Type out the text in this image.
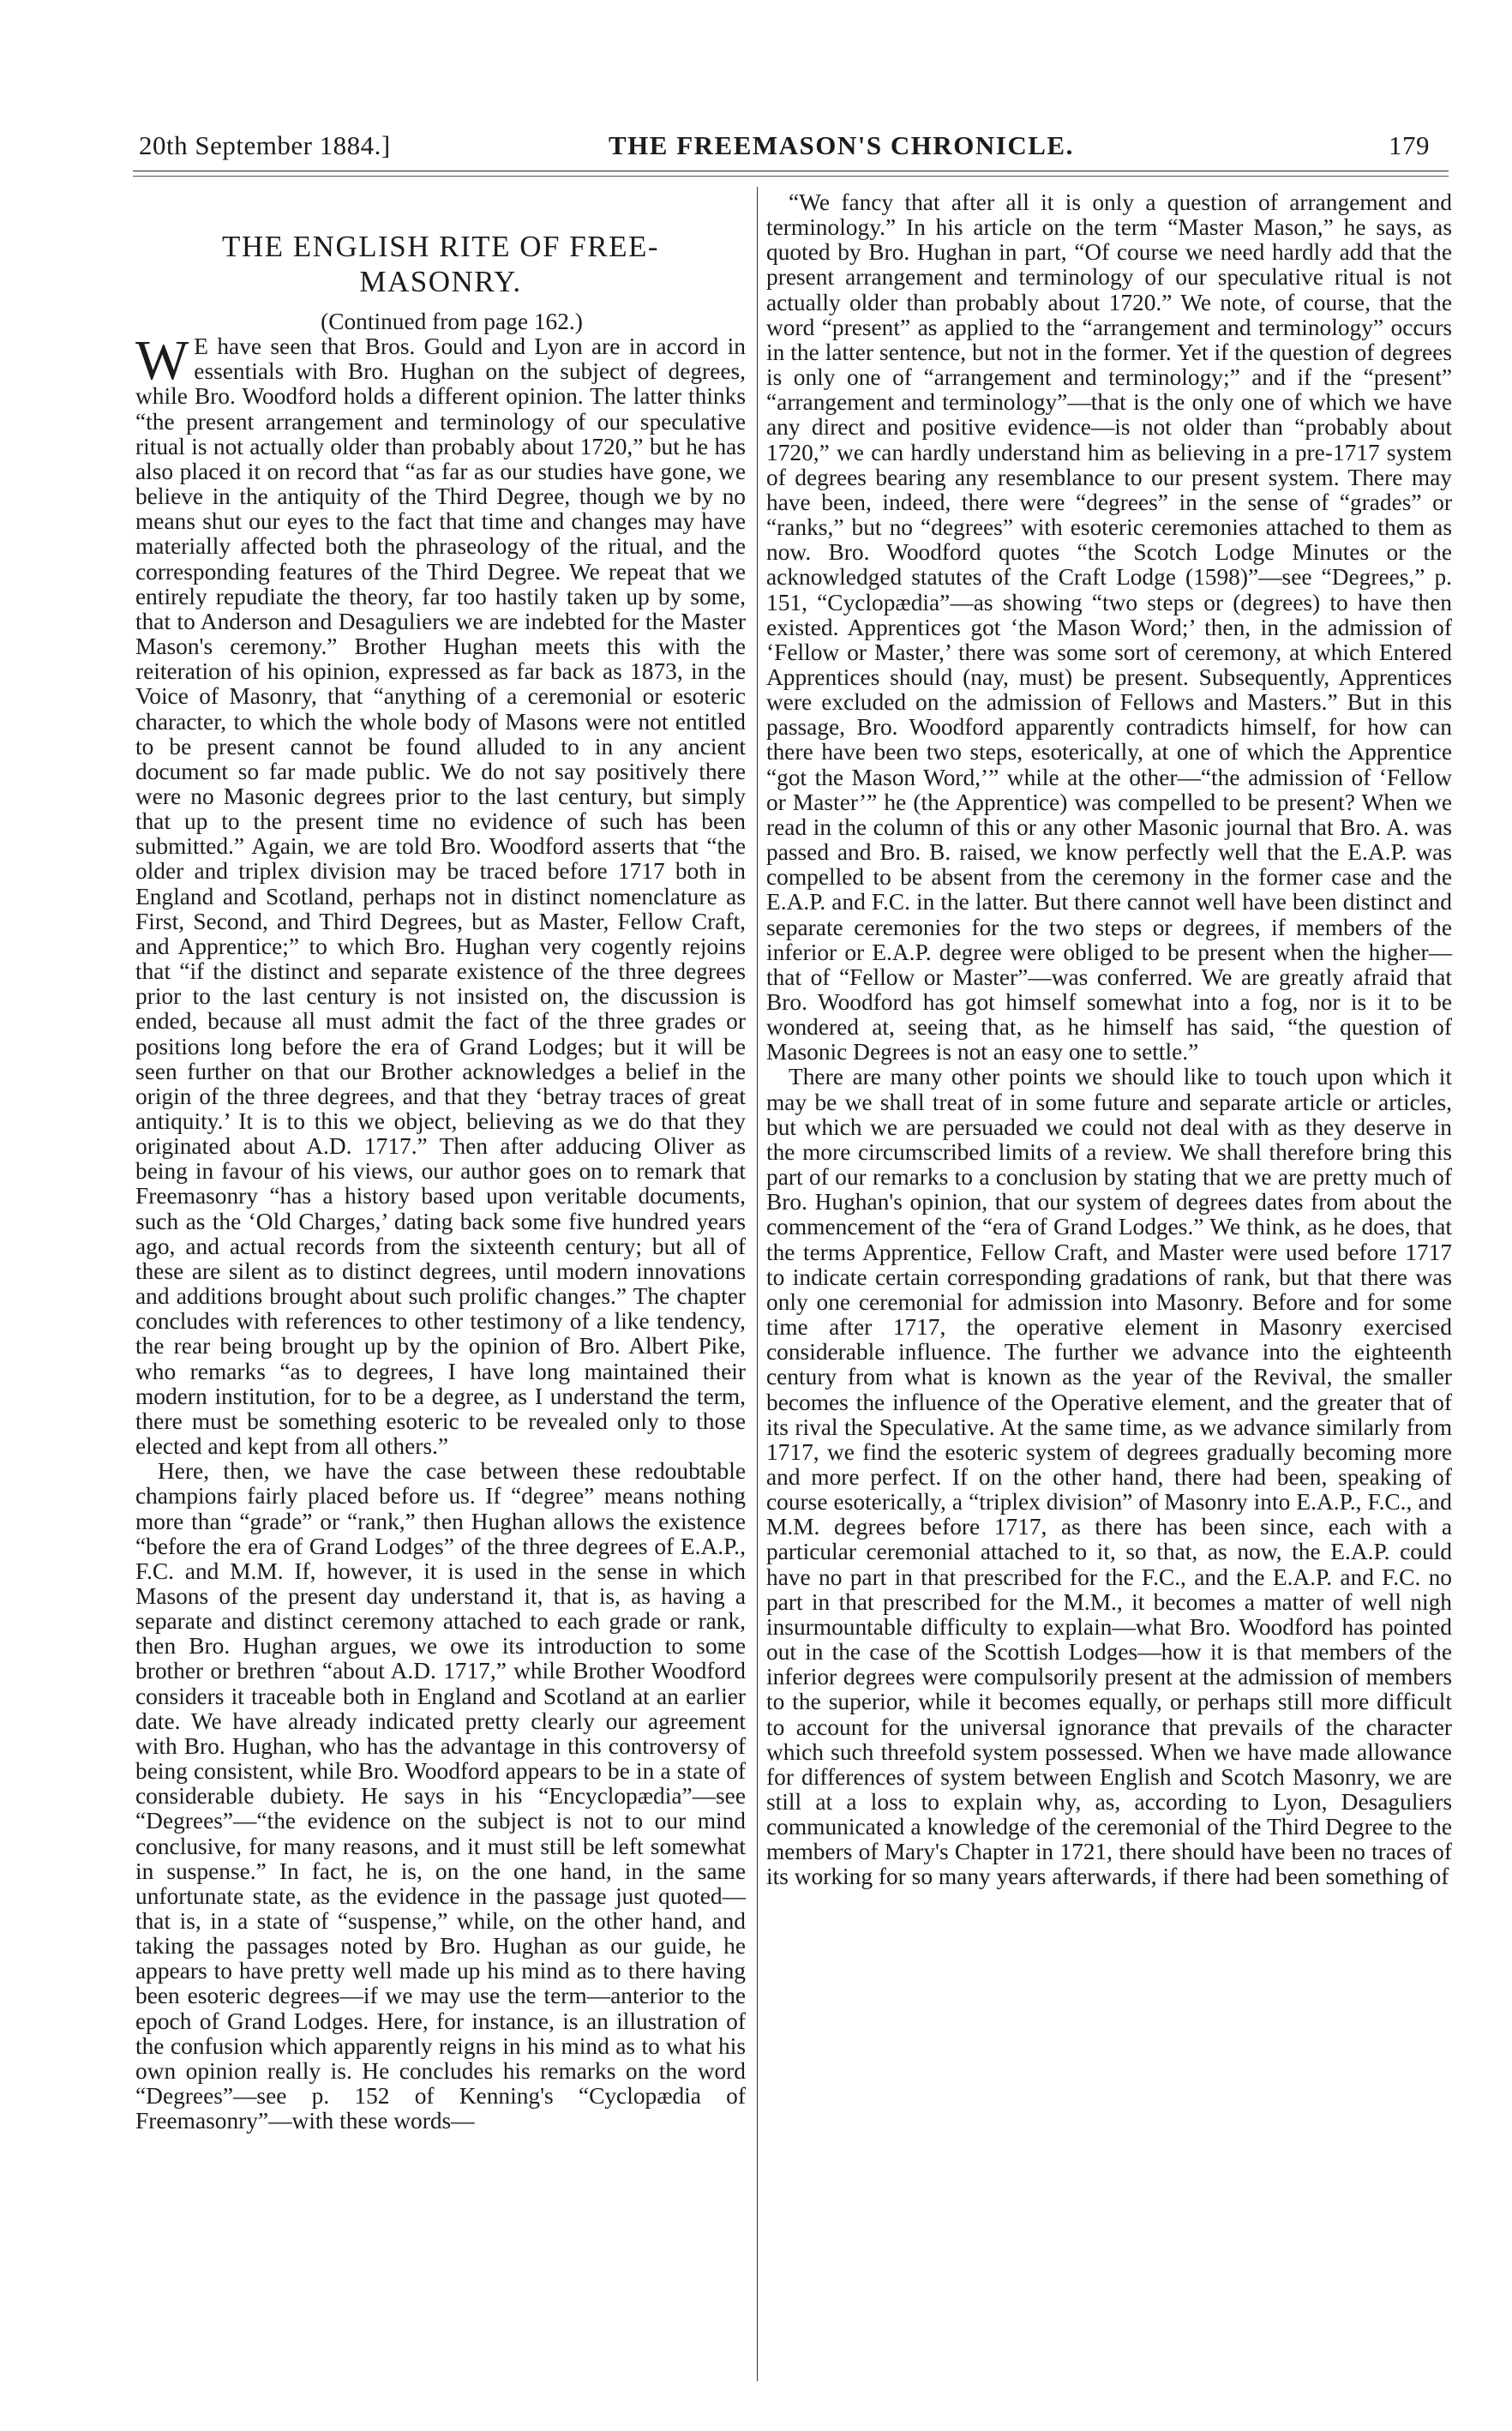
20th September 1884.]	THE FREEMASON'S CHRONICLE.	179
THE ENGLISH RITE OF FREE-MASONRY.

(Continued from page 162.)

W E have seen that Bros. Gould and Lyon are in accord in essentials with Bro. Hughan on the subject of degrees, while Bro. Woodford holds a different opinion. The latter thinks “the present arrangement and terminology of our speculative ritual is not actually older than probably about 1720,” but he has also placed it on record that “as far as our studies have gone, we believe in the antiquity of the Third Degree, though we by no means shut our eyes to the fact that time and changes may have materially affected both the phraseology of the ritual, and the corresponding features of the Third Degree. We repeat that we entirely repudiate the theory, far too hastily taken up by some, that to Anderson and Desaguliers we are indebted for the Master Mason's ceremony.” Brother Hughan meets this with the reiteration of his opinion, expressed as far back as 1873, in the Voice of Masonry, that “anything of a ceremonial or esoteric character, to which the whole body of Masons were not entitled to be present cannot be found alluded to in any ancient document so far made public. We do not say positively there were no Masonic degrees prior to the last century, but simply that up to the present time no evidence of such has been submitted.” Again, we are told Bro. Woodford asserts that “the older and triplex division may be traced before 1717 both in England and Scotland, perhaps not in distinct nomenclature as First, Second, and Third Degrees, but as Master, Fellow Craft, and Apprentice;” to which Bro. Hughan very cogently rejoins that “if the distinct and separate existence of the three degrees prior to the last century is not insisted on, the discussion is ended, because all must admit the fact of the three grades or positions long before the era of Grand Lodges; but it will be seen further on that our Brother acknowledges a belief in the origin of the three degrees, and that they ‘betray traces of great antiquity.’ It is to this we object, believing as we do that they originated about A.D. 1717.” Then after adducing Oliver as being in favour of his views, our author goes on to remark that Freemasonry “has a history based upon veritable documents, such as the ‘Old Charges,’ dating back some five hundred years ago, and actual records from the sixteenth century; but all of these are silent as to distinct degrees, until modern innovations and additions brought about such prolific changes.” The chapter concludes with references to other testimony of a like tendency, the rear being brought up by the opinion of Bro. Albert Pike, who remarks “as to degrees, I have long maintained their modern institution, for to be a degree, as I understand the term, there must be something esoteric to be revealed only to those elected and kept from all others.”

Here, then, we have the case between these redoubtable champions fairly placed before us. If “degree” means nothing more than “grade” or “rank,” then Hughan allows the existence “before the era of Grand Lodges” of the three degrees of E.A.P., F.C. and M.M. If, however, it is used in the sense in which Masons of the present day understand it, that is, as having a separate and distinct ceremony attached to each grade or rank, then Bro. Hughan argues, we owe its introduction to some brother or brethren “about A.D. 1717,” while Brother Woodford considers it traceable both in England and Scotland at an earlier date. We have already indicated pretty clearly our agreement with Bro. Hughan, who has the advantage in this controversy of being consistent, while Bro. Woodford appears to be in a state of considerable dubiety. He says in his “Encyclopædia”—see “Degrees”—“the evidence on the subject is not to our mind conclusive, for many reasons, and it must still be left somewhat in suspense.” In fact, he is, on the one hand, in the same unfortunate state, as the evidence in the passage just quoted—that is, in a state of “suspense,” while, on the other hand, and taking the passages noted by Bro. Hughan as our guide, he appears to have pretty well made up his mind as to there having been esoteric degrees—if we may use the term—anterior to the epoch of Grand Lodges. Here, for instance, is an illustration of the confusion which apparently reigns in his mind as to what his own opinion really is. He concludes his remarks on the word “Degrees”—see p. 152 of Kenning's “Cyclopædia of Freemasonry”—with these words—

“We fancy that after all it is only a question of arrangement and terminology.” In his article on the term “Master Mason,” he says, as quoted by Bro. Hughan in part, “Of course we need hardly add that the present arrangement and terminology of our speculative ritual is not actually older than probably about 1720.” We note, of course, that the word “present” as applied to the “arrangement and terminology” occurs in the latter sentence, but not in the former. Yet if the question of degrees is only one of “arrangement and terminology;” and if the “present” “arrangement and terminology”—that is the only one of which we have any direct and positive evidence—is not older than “probably about 1720,” we can hardly understand him as believing in a pre-1717 system of degrees bearing any resemblance to our present system. There may have been, indeed, there were “degrees” in the sense of “grades” or “ranks,” but no “degrees” with esoteric ceremonies attached to them as now. Bro. Woodford quotes “the Scotch Lodge Minutes or the acknowledged statutes of the Craft Lodge (1598)”—see “Degrees,” p. 151, “Cyclopædia”—as showing “two steps or (degrees) to have then existed. Apprentices got ‘the Mason Word;’ then, in the admission of ‘Fellow or Master,’ there was some sort of ceremony, at which Entered Apprentices should (nay, must) be present. Subsequently, Apprentices were excluded on the admission of Fellows and Masters.” But in this passage, Bro. Woodford apparently contradicts himself, for how can there have been two steps, esoterically, at one of which the Apprentice “got the Mason Word,’” while at the other—“the admission of ‘Fellow or Master’” he (the Apprentice) was compelled to be present? When we read in the column of this or any other Masonic journal that Bro. A. was passed and Bro. B. raised, we know perfectly well that the E.A.P. was compelled to be absent from the ceremony in the former case and the E.A.P. and F.C. in the latter. But there cannot well have been distinct and separate ceremonies for the two steps or degrees, if members of the inferior or E.A.P. degree were obliged to be present when the higher—that of “Fellow or Master”—was conferred. We are greatly afraid that Bro. Woodford has got himself somewhat into a fog, nor is it to be wondered at, seeing that, as he himself has said, “the question of Masonic Degrees is not an easy one to settle.”

There are many other points we should like to touch upon which it may be we shall treat of in some future and separate article or articles, but which we are persuaded we could not deal with as they deserve in the more circumscribed limits of a review. We shall therefore bring this part of our remarks to a conclusion by stating that we are pretty much of Bro. Hughan's opinion, that our system of degrees dates from about the commencement of the “era of Grand Lodges.” We think, as he does, that the terms Apprentice, Fellow Craft, and Master were used before 1717 to indicate certain corresponding gradations of rank, but that there was only one ceremonial for admission into Masonry. Before and for some time after 1717, the operative element in Masonry exercised considerable influence. The further we advance into the eighteenth century from what is known as the year of the Revival, the smaller becomes the influence of the Operative element, and the greater that of its rival the Speculative. At the same time, as we advance similarly from 1717, we find the esoteric system of degrees gradually becoming more and more perfect. If on the other hand, there had been, speaking of course esoterically, a “triplex division” of Masonry into E.A.P., F.C., and M.M. degrees before 1717, as there has been since, each with a particular ceremonial attached to it, so that, as now, the E.A.P. could have no part in that prescribed for the F.C., and the E.A.P. and F.C. no part in that prescribed for the M.M., it becomes a matter of well nigh insurmountable difficulty to explain—what Bro. Woodford has pointed out in the case of the Scottish Lodges—how it is that members of the inferior degrees were compulsorily present at the admission of members to the superior, while it becomes equally, or perhaps still more difficult to account for the universal ignorance that prevails of the character which such threefold system possessed. When we have made allowance for differences of system between English and Scotch Masonry, we are still at a loss to explain why, as, according to Lyon, Desaguliers communicated a knowledge of the ceremonial of the Third Degree to the members of Mary's Chapter in 1721, there should have been no traces of its working for so many years afterwards, if there had been something of
